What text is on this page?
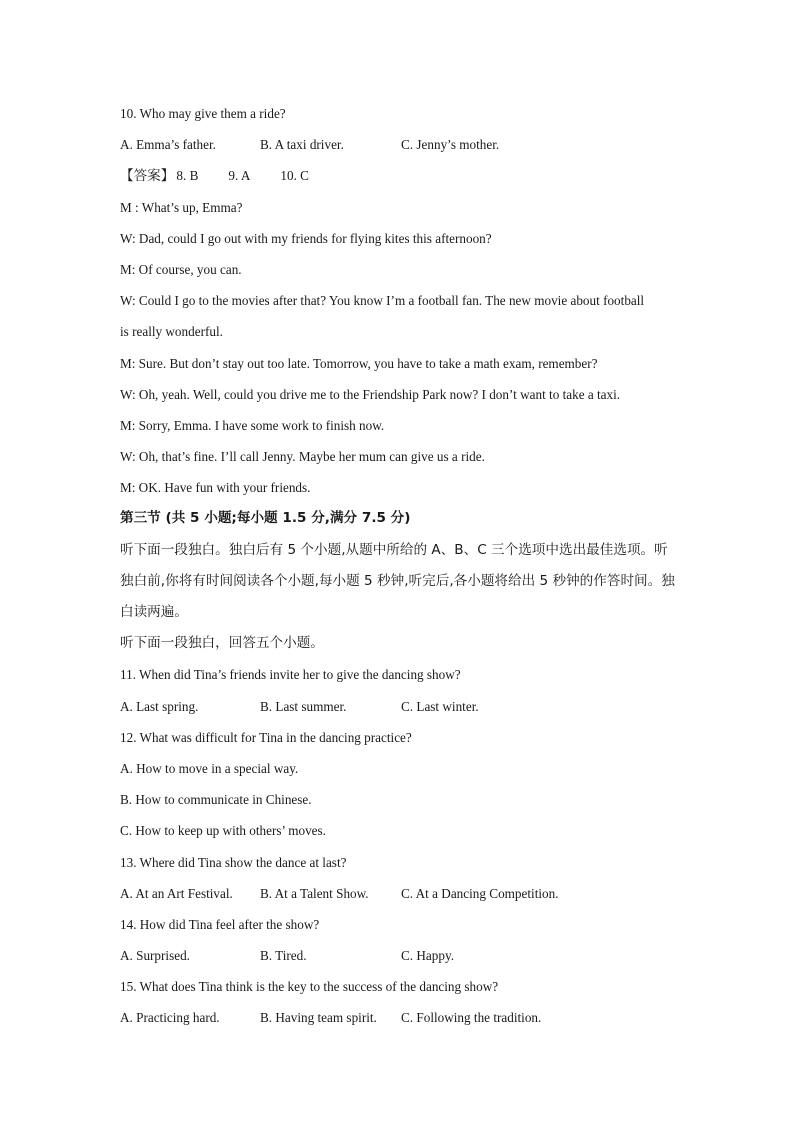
10. Who may give them a ride?
A. Emma’s father.	B. A taxi driver.	C. Jenny’s mother.
【答案】 8. B 9. A 10. C
M : What’s up, Emma?
W: Dad, could I go out with my friends for flying kites this afternoon?
M: Of course, you can.
W: Could I go to the movies after that? You know I’m a football fan. The new movie about football
is really wonderful.
M: Sure. But don’t stay out too late. Tomorrow, you have to take a math exam, remember?
W: Oh, yeah. Well, could you drive me to the Friendship Park now? I don’t want to take a taxi.
M: Sorry, Emma. I have some work to finish now.
W: Oh, that’s fine. I’ll call Jenny. Maybe her mum can give us a ride.
M: OK. Have fun with your friends.
第三节 (共 5 小题;每小题 1.5 分,满分 7.5 分)
听下面一段独白。独白后有 5 个小题,从题中所给的 A、B、C 三个选项中选出最佳选项。听
独白前,你将有时间阅读各个小题,每小题 5 秒钟,听完后,各小题将给出 5 秒钟的作答时间。独
白读两遍。
听下面一段独白，回答五个小题。
11. When did Tina’s friends invite her to give the dancing show?
A. Last spring.	B. Last summer.	C. Last winter.
12. What was difficult for Tina in the dancing practice?
A. How to move in a special way.
B. How to communicate in Chinese.
C. How to keep up with others’ moves.
13. Where did Tina show the dance at last?
A. At an Art Festival.	B. At a Talent Show.	C. At a Dancing Competition.
14. How did Tina feel after the show?
A. Surprised.	B. Tired.	C. Happy.
15. What does Tina think is the key to the success of the dancing show?
A. Practicing hard.	B. Having team spirit.	C. Following the tradition.
